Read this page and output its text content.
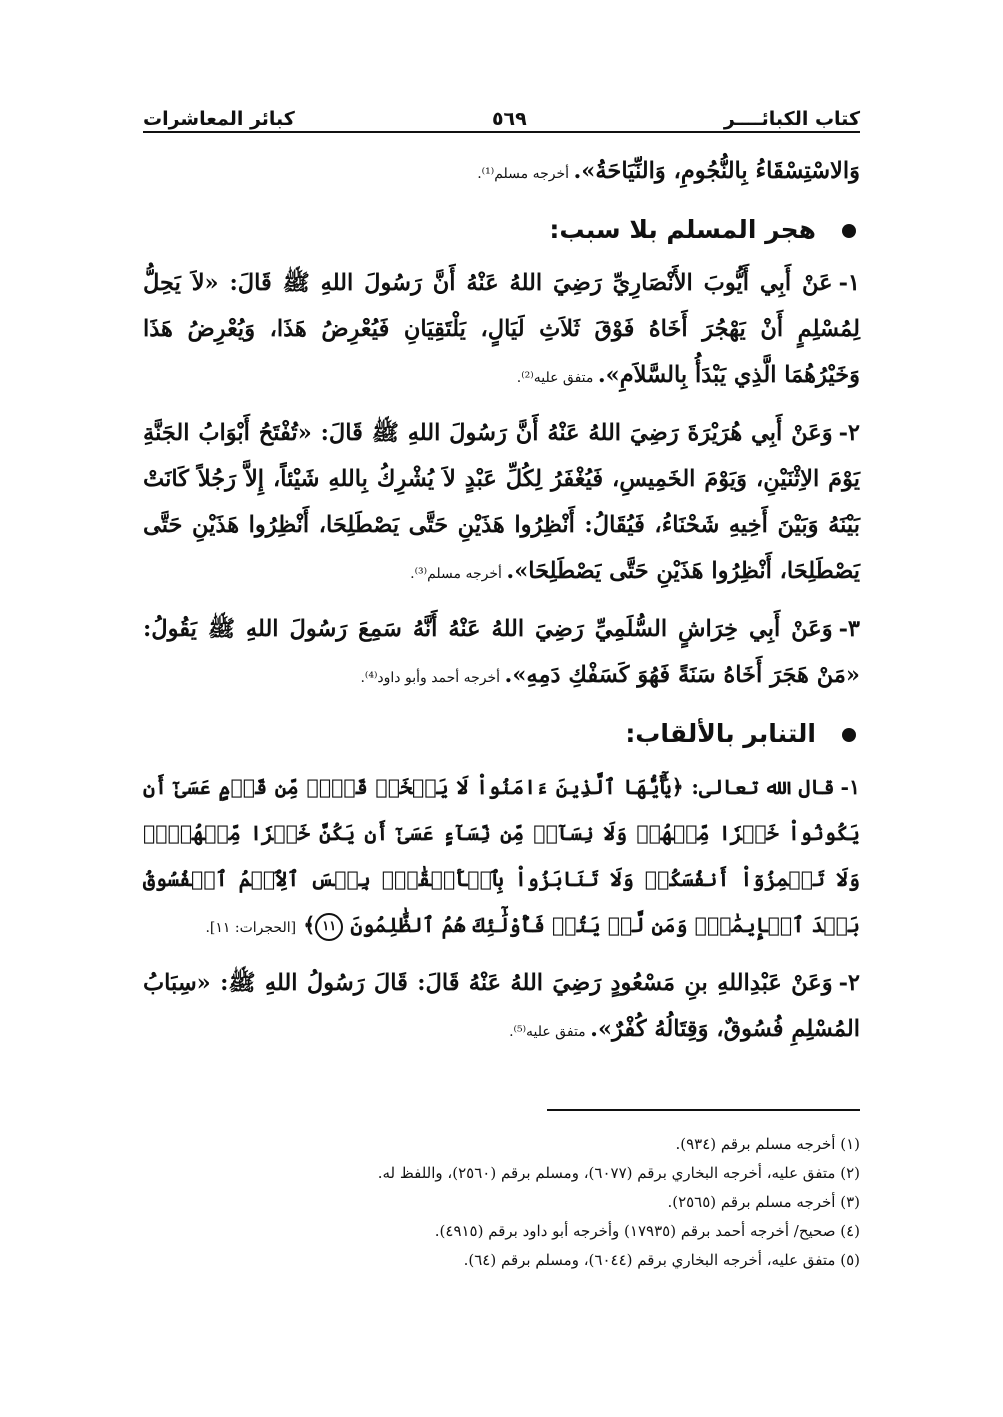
كتاب الكبائــــر
٥٦٩
كبائر المعاشرات

وَالاسْتِسْقَاءُ بِالنُّجُومِ، وَالنِّيَاحَةُ». أخرجه مسلم⁽¹⁾.

هجر المسلم بلا سبب:

١-عَنْ أَبِي أَيُّوبَ الأَنْصَارِيِّ رَضِيَ اللهُ عَنْهُ أَنَّ رَسُولَ اللهِ ﷺ قَالَ: «لاَ يَحِلُّ لِمُسْلِمٍ أَنْ يَهْجُرَ أَخَاهُ فَوْقَ ثَلاَثِ لَيَالٍ، يَلْتَقِيَانِ فَيُعْرِضُ هَذَا، وَيُعْرِضُ هَذَا وَخَيْرُهُمَا الَّذِي يَبْدَأُ بِالسَّلاَمِ». متفق عليه⁽²⁾.

٢-وَعَنْ أَبِي هُرَيْرَةَ رَضِيَ اللهُ عَنْهُ أَنَّ رَسُولَ اللهِ ﷺ قَالَ: «تُفْتَحُ أَبْوَابُ الجَنَّةِ يَوْمَ الاِثْنَيْنِ، وَيَوْمَ الخَمِيسِ، فَيُغْفَرُ لِكُلِّ عَبْدٍ لاَ يُشْرِكُ بِاللهِ شَيْئاً، إِلاَّ رَجُلاً كَانَتْ بَيْنَهُ وَبَيْنَ أَخِيهِ شَحْنَاءُ، فَيُقَالُ: أَنْظِرُوا هَذَيْنِ حَتَّى يَصْطَلِحَا، أَنْظِرُوا هَذَيْنِ حَتَّى يَصْطَلِحَا، أَنْظِرُوا هَذَيْنِ حَتَّى يَصْطَلِحَا». أخرجه مسلم⁽³⁾.

٣-وَعَنْ أَبِي خِرَاشٍ السُّلَمِيِّ رَضِيَ اللهُ عَنْهُ أَنَّهُ سَمِعَ رَسُولَ اللهِ ﷺ يَقُولُ: «مَنْ هَجَرَ أَخَاهُ سَنَةً فَهُوَ كَسَفْكِ دَمِهِ». أخرجه أحمد وأبو داود⁽⁴⁾.

التنابر بالألقاب:

١-قال الله تعالى: ﴿يَٰٓأَيُّهَا ٱلَّذِينَ ءَامَنُواْ لَا يَسۡخَرۡ قَوۡمٞ مِّن قَوۡمٍ عَسَىٰٓ أَن يَكُونُواْ خَيۡرٗا مِّنۡهُمۡ وَلَا نِسَآءٞ مِّن نِّسَآءٍ عَسَىٰٓ أَن يَكُنَّ خَيۡرٗا مِّنۡهُنَّۖ وَلَا تَلۡمِزُوٓاْ أَنفُسَكُمۡ وَلَا تَنَابَزُواْ بِٱلۡأَلۡقَٰبِۖ بِئۡسَ ٱلِٱسۡمُ ٱلۡفُسُوقُ بَعۡدَ ٱلۡإِيمَٰنِۚ وَمَن لَّمۡ يَتُبۡ فَأُوْلَٰٓئِكَ هُمُ ٱلظَّٰلِمُونَ ١١﴾ [الحجرات: ١١].

٢-وَعَنْ عَبْدِاللهِ بنِ مَسْعُودٍ رَضِيَ اللهُ عَنْهُ قَالَ: قَالَ رَسُولُ اللهِ ﷺ: «سِبَابُ المُسْلِمِ فُسُوقٌ، وَقِتَالُهُ كُفْرٌ». متفق عليه⁽⁵⁾.

(١) أخرجه مسلم برقم (٩٣٤).
(٢) متفق عليه، أخرجه البخاري برقم (٦٠٧٧)، ومسلم برقم (٢٥٦٠)، واللفظ له.
(٣) أخرجه مسلم برقم (٢٥٦٥).
(٤) صحيح/ أخرجه أحمد برقم (١٧٩٣٥) وأخرجه أبو داود برقم (٤٩١٥).
(٥) متفق عليه، أخرجه البخاري برقم (٦٠٤٤)، ومسلم برقم (٦٤).
